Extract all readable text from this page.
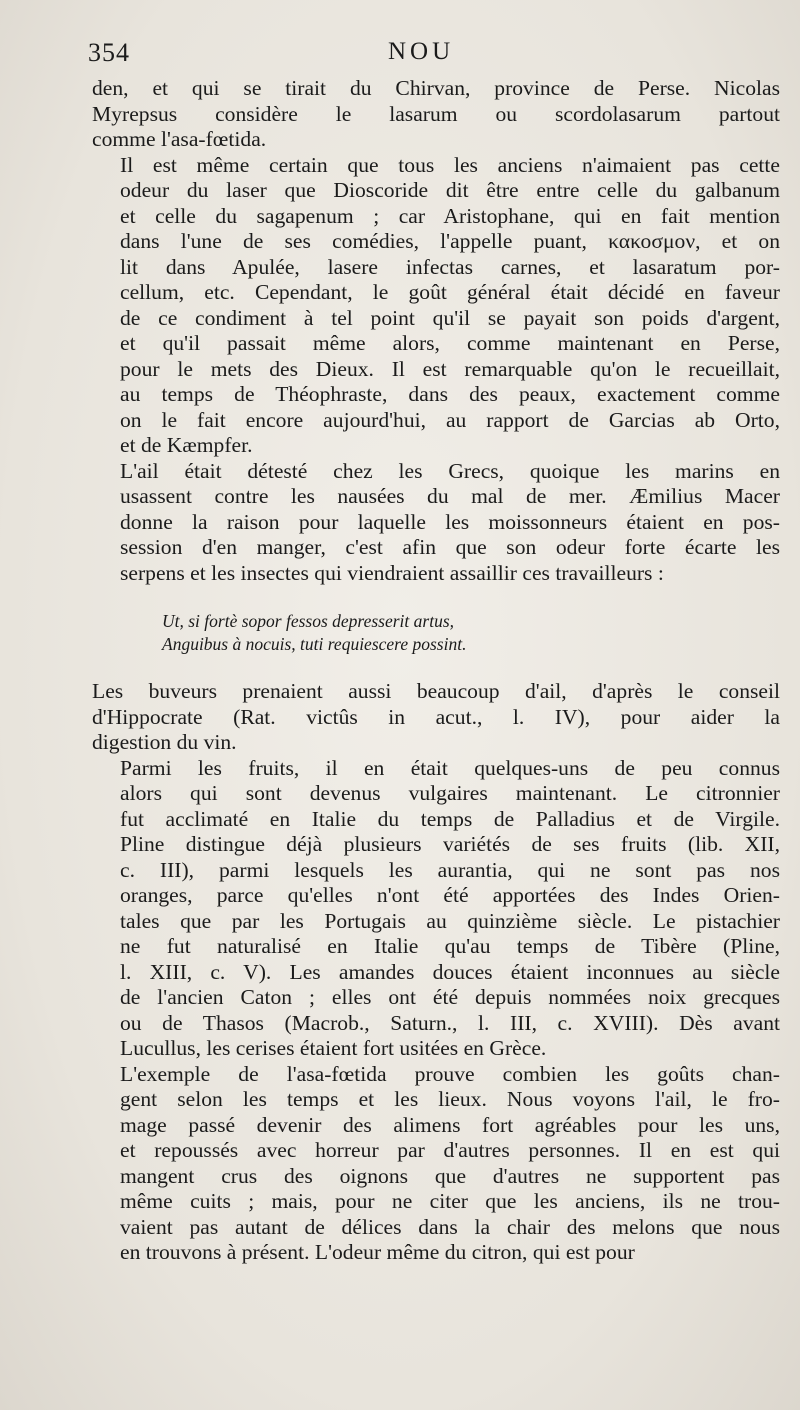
354	NOU

den, et qui se tirait du Chirvan, province de Perse. Nicolas
Myrepsus considère le lasarum ou scordolasarum partout
comme l'asa-fœtida.

Il est même certain que tous les anciens n'aimaient pas cette
odeur du laser que Dioscoride dit être entre celle du galbanum
et celle du sagapenum ; car Aristophane, qui en fait mention
dans l'une de ses comédies, l'appelle puant, κακοσμον, et on
lit dans Apulée, lasere infectas carnes, et lasaratum por-
cellum, etc. Cependant, le goût général était décidé en faveur
de ce condiment à tel point qu'il se payait son poids d'argent,
et qu'il passait même alors, comme maintenant en Perse,
pour le mets des Dieux. Il est remarquable qu'on le recueillait,
au temps de Théophraste, dans des peaux, exactement comme
on le fait encore aujourd'hui, au rapport de Garcias ab Orto,
et de Kæmpfer.

L'ail était détesté chez les Grecs, quoique les marins en
usassent contre les nausées du mal de mer. Æmilius Macer
donne la raison pour laquelle les moissonneurs étaient en pos-
session d'en manger, c'est afin que son odeur forte écarte les
serpens et les insectes qui viendraient assaillir ces travailleurs :

Ut, si fortè sopor fessos depresserit artus,
Anguibus à nocuis, tuti requiescere possint.

Les buveurs prenaient aussi beaucoup d'ail, d'après le conseil
d'Hippocrate (Rat. victûs in acut., l. IV), pour aider la
digestion du vin.

Parmi les fruits, il en était quelques-uns de peu connus
alors qui sont devenus vulgaires maintenant. Le citronnier
fut acclimaté en Italie du temps de Palladius et de Virgile.
Pline distingue déjà plusieurs variétés de ses fruits (lib. XII,
c. III), parmi lesquels les aurantia, qui ne sont pas nos
oranges, parce qu'elles n'ont été apportées des Indes Orien-
tales que par les Portugais au quinzième siècle. Le pistachier
ne fut naturalisé en Italie qu'au temps de Tibère (Pline,
l. XIII, c. V). Les amandes douces étaient inconnues au siècle
de l'ancien Caton ; elles ont été depuis nommées noix grecques
ou de Thasos (Macrob., Saturn., l. III, c. XVIII). Dès avant
Lucullus, les cerises étaient fort usitées en Grèce.

L'exemple de l'asa-fœtida prouve combien les goûts chan-
gent selon les temps et les lieux. Nous voyons l'ail, le fro-
mage passé devenir des alimens fort agréables pour les uns,
et repoussés avec horreur par d'autres personnes. Il en est qui
mangent crus des oignons que d'autres ne supportent pas
même cuits ; mais, pour ne citer que les anciens, ils ne trou-
vaient pas autant de délices dans la chair des melons que nous
en trouvons à présent. L'odeur même du citron, qui est pour
